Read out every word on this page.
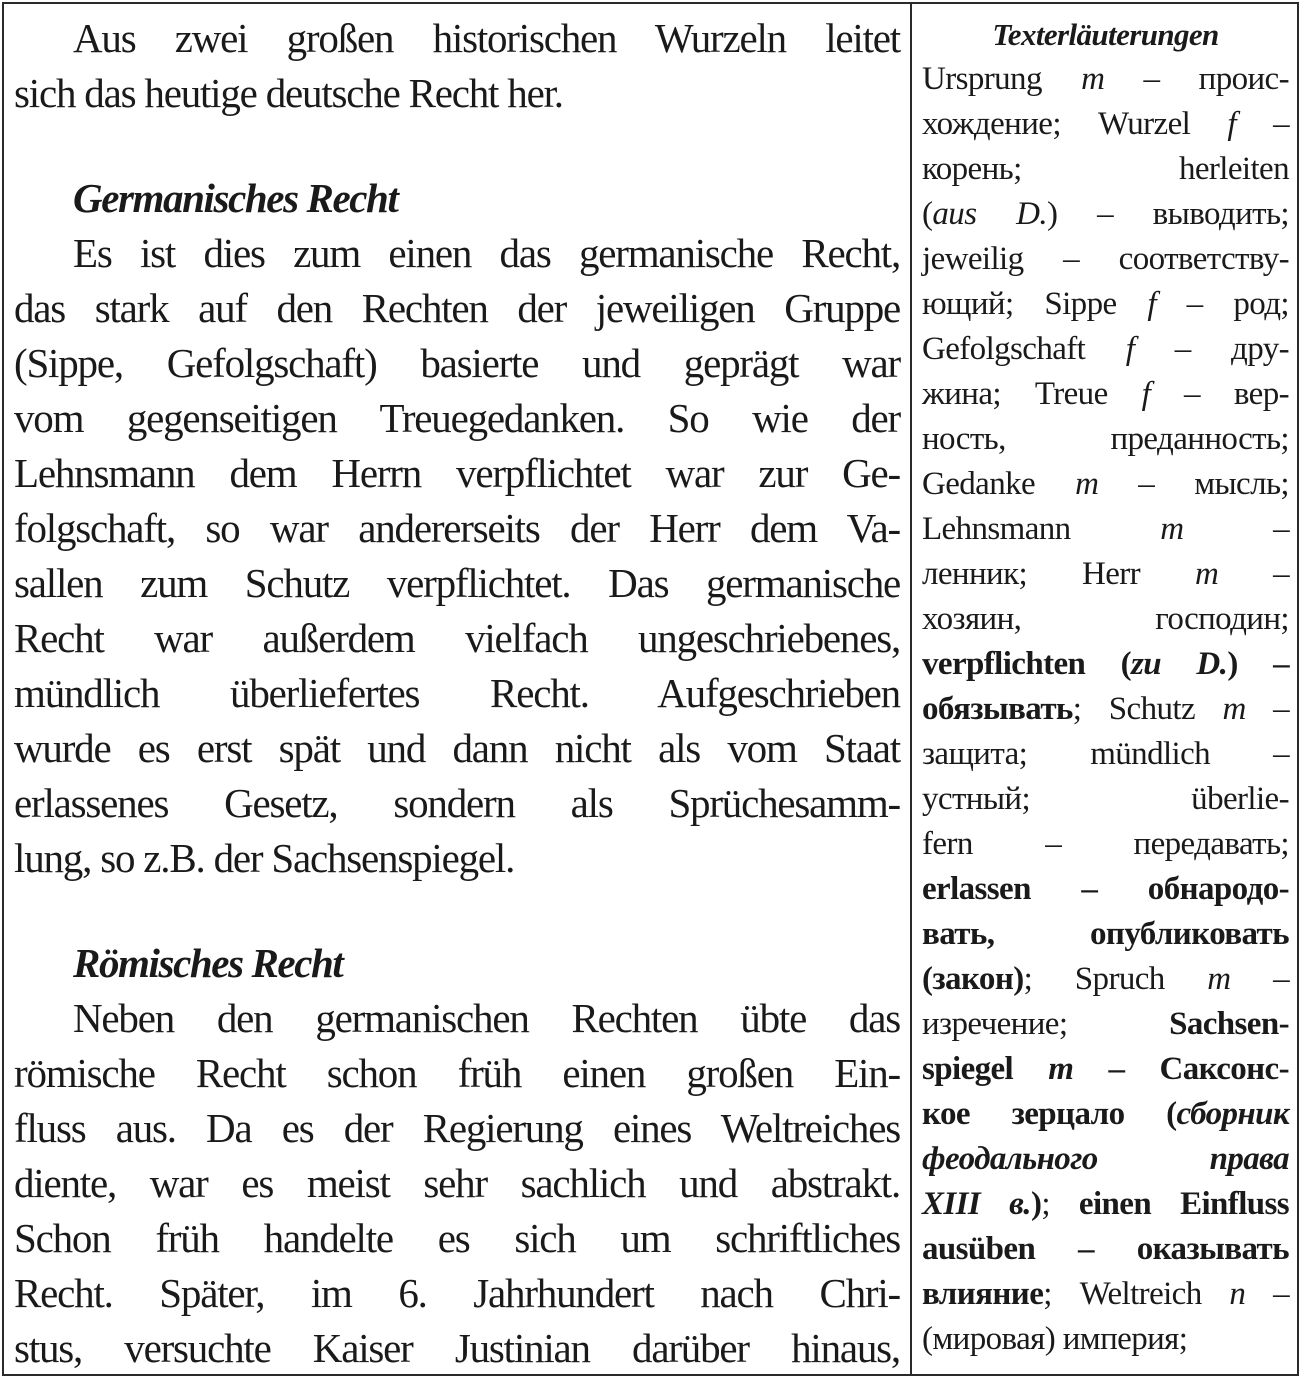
Aus zwei großen historischen Wurzeln leitet
sich das heutige deutsche Recht her.
Germanisches Recht
Es ist dies zum einen das germanische Recht,
das stark auf den Rechten der jeweiligen Gruppe
(Sippe, Gefolgschaft) basierte und geprägt war
vom gegenseitigen Treuegedanken. So wie der
Lehnsmann dem Herrn verpflichtet war zur Ge-
folgschaft, so war andererseits der Herr dem Va-
sallen zum Schutz verpflichtet. Das germanische
Recht war außerdem vielfach ungeschriebenes,
mündlich überliefertes Recht. Aufgeschrieben
wurde es erst spät und dann nicht als vom Staat
erlassenes Gesetz, sondern als Sprüchesamm-
lung, so z.B. der Sachsenspiegel.
Römisches Recht
Neben den germanischen Rechten übte das
römische Recht schon früh einen großen Ein-
fluss aus. Da es der Regierung eines Weltreiches
diente, war es meist sehr sachlich und abstrakt.
Schon früh handelte es sich um schriftliches
Recht. Später, im 6. Jahrhundert nach Chri-
stus, versuchte Kaiser Justinian darüber hinaus,
Texterläuterungen
Ursprung m – проис-
хождение; Wurzel f –
корень; herleiten
(aus D.) – выводить;
jeweilig – соответству-
ющий; Sippe f – род;
Gefolgschaft f – дру-
жина; Treue f – вер-
ность, преданность;
Gedanke m – мысль;
Lehnsmann m –
ленник; Herr m –
хозяин, господин;
verpflichten (zu D.) –
обязывать; Schutz m –
защита; mündlich –
устный; überlie-
fern – передавать;
erlassen – обнародо-
вать, опубликовать
(закон); Spruch m –
изречение; Sachsen-
spiegel m – Саксонс-
кое зерцало (сборник
феодального права
XIII в.); einen Einfluss
ausüben – оказывать
влияние; Weltreich n –
(мировая) империя;
